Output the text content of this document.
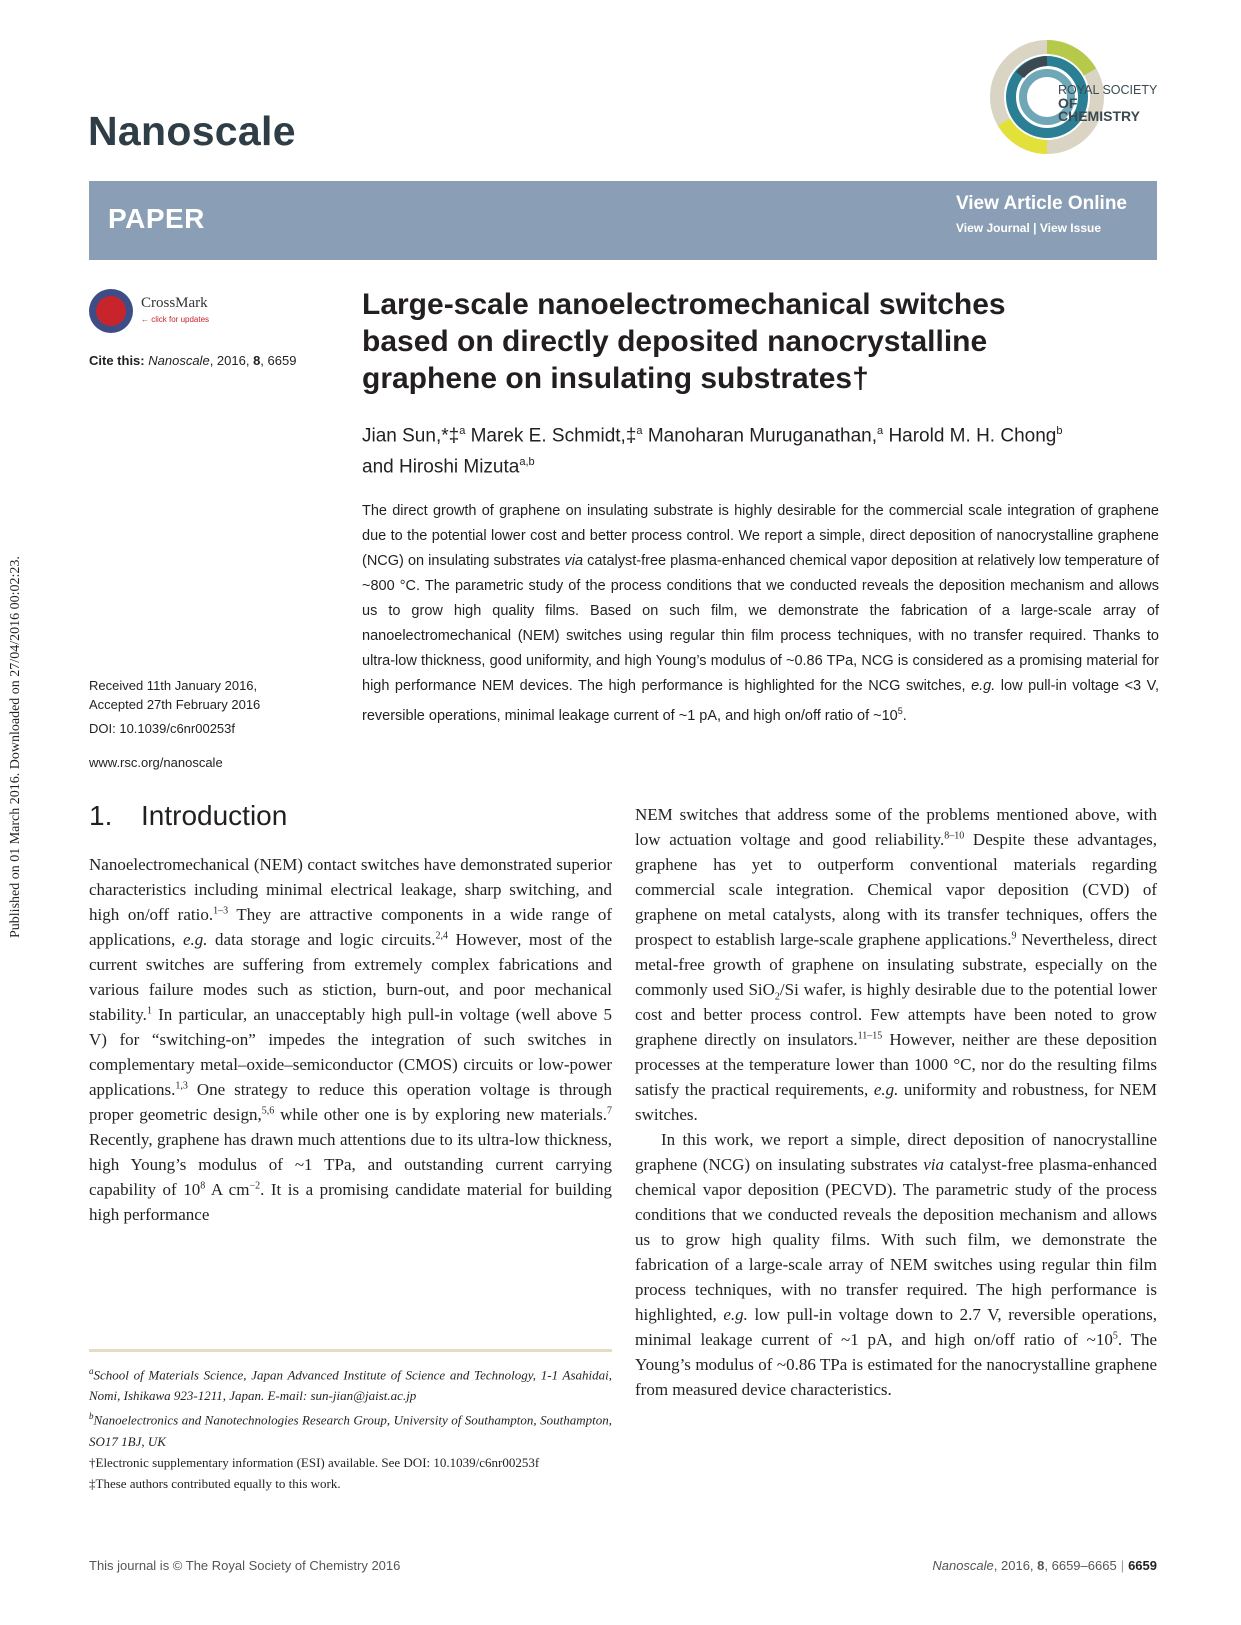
Nanoscale
ROYAL SOCIETY
OF CHEMISTRY
PAPER	View Article Online
View Journal | View Issue
CrossMark
← click for updates
Cite this: Nanoscale, 2016, 8, 6659
Received 11th January 2016,
Accepted 27th February 2016
DOI: 10.1039/c6nr00253f
www.rsc.org/nanoscale
Large-scale nanoelectromechanical switches
based on directly deposited nanocrystalline
graphene on insulating substrates†
Jian Sun,*‡$^a$ Marek E. Schmidt,‡$^a$ Manoharan Muruganathan,$^a$ Harold M. H. Chong$^b$
and Hiroshi Mizuta$^{a,b}$
The direct growth of graphene on insulating substrate is highly desirable for the commercial scale integration of graphene due to the potential lower cost and better process control. We report a simple, direct deposition of nanocrystalline graphene (NCG) on insulating substrates via catalyst-free plasma-enhanced chemical vapor deposition at relatively low temperature of ~800 °C. The parametric study of the process conditions that we conducted reveals the deposition mechanism and allows us to grow high quality films. Based on such film, we demonstrate the fabrication of a large-scale array of nanoelectromechanical (NEM) switches using regular thin film process techniques, with no transfer required. Thanks to ultra-low thickness, good uniformity, and high Young’s modulus of ~0.86 TPa, NCG is considered as a promising material for high performance NEM devices. The high performance is highlighted for the NCG switches, e.g. low pull-in voltage <3 V, reversible operations, minimal leakage current of ~1 pA, and high on/off ratio of $\sim 10^5$.
1. Introduction
Nanoelectromechanical (NEM) contact switches have demonstrated superior characteristics including minimal electrical leakage, sharp switching, and high on/off ratio.$^{1-3}$ They are attractive components in a wide range of applications, e.g. data storage and logic circuits.$^{2,4}$ However, most of the current switches are suffering from extremely complex fabrications and various failure modes such as stiction, burn-out, and poor mechanical stability.$^1$ In particular, an unacceptably high pull-in voltage (well above 5 V) for “switching-on” impedes the integration of such switches in complementary metal–oxide–semiconductor (CMOS) circuits or low-power applications.$^{1,3}$ One strategy to reduce this operation voltage is through proper geometric design,$^{5,6}$ while other one is by exploring new materials.$^7$ Recently, graphene has drawn much attentions due to its ultra-low thickness, high Young’s modulus of ~1 TPa, and outstanding current carrying capability of $10^8$ A $cm^{-2}$. It is a promising candidate material for building high performance

NEM switches that address some of the problems mentioned above, with low actuation voltage and good reliability.$^{8-10}$ Despite these advantages, graphene has yet to outperform conventional materials regarding commercial scale integration. Chemical vapor deposition (CVD) of graphene on metal catalysts, along with its transfer techniques, offers the prospect to establish large-scale graphene applications.$^9$ Nevertheless, direct metal-free growth of graphene on insulating substrate, especially on the commonly used SiO$_2$/Si wafer, is highly desirable due to the potential lower cost and better process control. Few attempts have been noted to grow graphene directly on insulators.$^{11-15}$ However, neither are these deposition processes at the temperature lower than 1000 °C, nor do the resulting films satisfy the practical requirements, e.g. uniformity and robustness, for NEM switches.

In this work, we report a simple, direct deposition of nanocrystalline graphene (NCG) on insulating substrates via catalyst-free plasma-enhanced chemical vapor deposition (PECVD). The parametric study of the process conditions that we conducted reveals the deposition mechanism and allows us to grow high quality films. With such film, we demonstrate the fabrication of a large-scale array of NEM switches using regular thin film process techniques, with no transfer required. The high performance is highlighted, e.g. low pull-in voltage down to 2.7 V, reversible operations, minimal leakage current of ~1 pA, and high on/off ratio of $\sim 10^5$. The Young’s modulus of ~0.86 TPa is estimated for the nanocrystalline graphene from measured device characteristics.

$^a$School of Materials Science, Japan Advanced Institute of Science and Technology, 1-1 Asahidai, Nomi, Ishikawa 923-1211, Japan. E-mail: sun-jian@jaist.ac.jp
$^b$Nanoelectronics and Nanotechnologies Research Group, University of Southampton, Southampton, SO17 1BJ, UK
†Electronic supplementary information (ESI) available. See DOI: 10.1039/c6nr00253f
‡These authors contributed equally to this work.
Published on 01 March 2016. Downloaded on 27/04/2016 00:02:23.
This journal is © The Royal Society of Chemistry 2016	Nanoscale, 2016, 8, 6659–6665 | 6659
